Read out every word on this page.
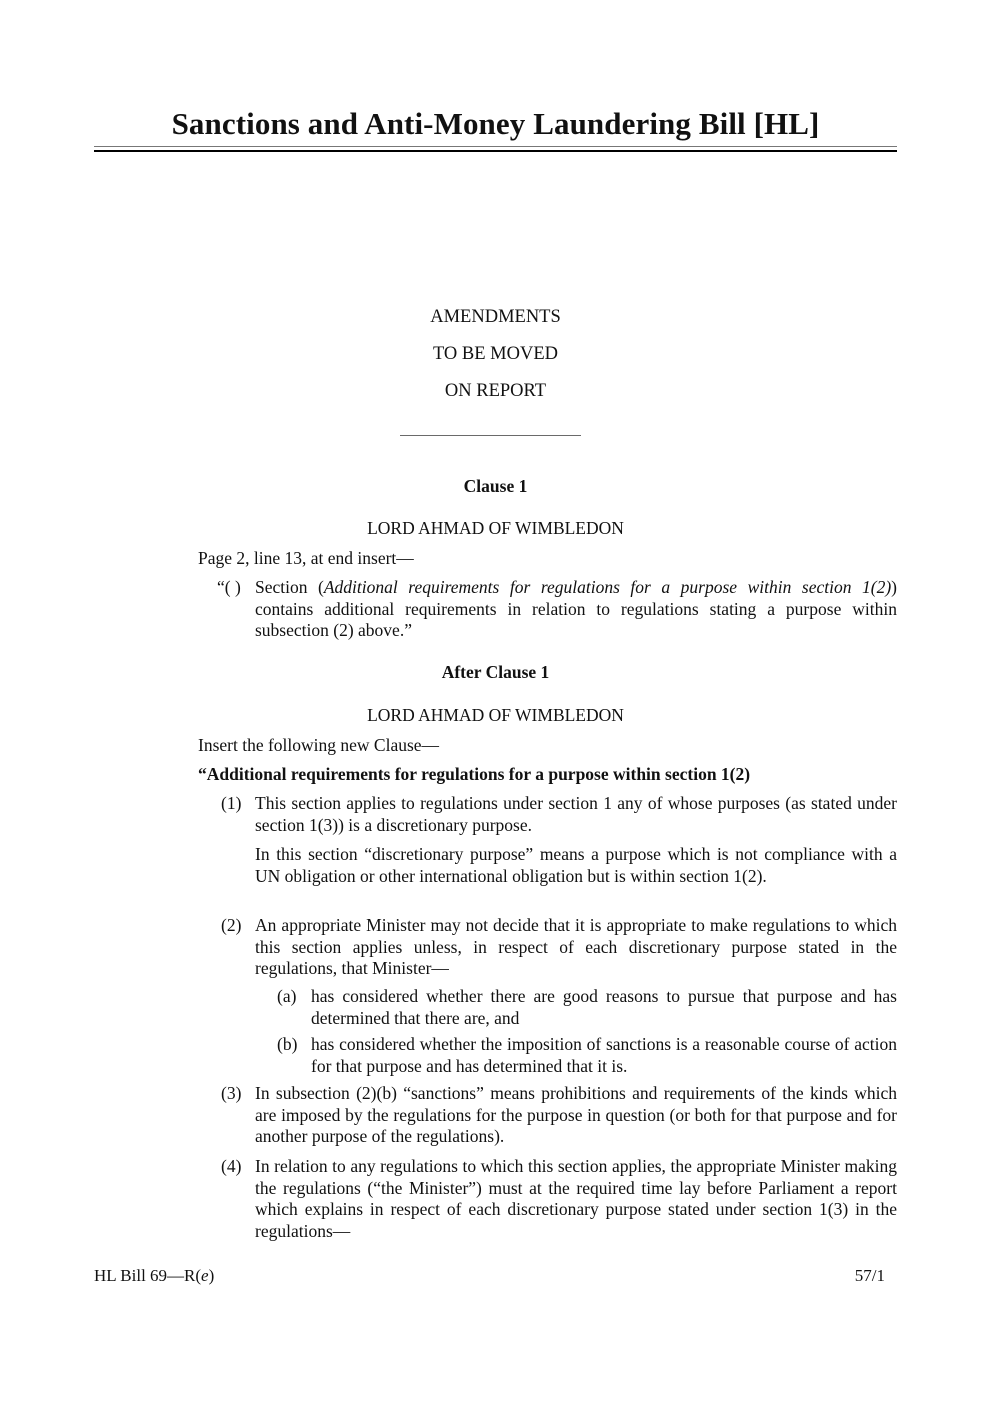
Sanctions and Anti-Money Laundering Bill [HL]
AMENDMENTS
TO BE MOVED
ON REPORT
Clause 1
LORD AHMAD OF WIMBLEDON
Page 2, line 13, at end insert—
“( ) Section (Additional requirements for regulations for a purpose within section 1(2)) contains additional requirements in relation to regulations stating a purpose within subsection (2) above.”

After Clause 1
LORD AHMAD OF WIMBLEDON
Insert the following new Clause—
“Additional requirements for regulations for a purpose within section 1(2)
(1) This section applies to regulations under section 1 any of whose purposes (as stated under section 1(3)) is a discretionary purpose.

In this section “discretionary purpose” means a purpose which is not compliance with a UN obligation or other international obligation but is within section 1(2).

(2) An appropriate Minister may not decide that it is appropriate to make regulations to which this section applies unless, in respect of each discretionary purpose stated in the regulations, that Minister—

(a) has considered whether there are good reasons to pursue that purpose and has determined that there are, and

(b) has considered whether the imposition of sanctions is a reasonable course of action for that purpose and has determined that it is.

(3) In subsection (2)(b) “sanctions” means prohibitions and requirements of the kinds which are imposed by the regulations for the purpose in question (or both for that purpose and for another purpose of the regulations).

(4) In relation to any regulations to which this section applies, the appropriate Minister making the regulations (“the Minister”) must at the required time lay before Parliament a report which explains in respect of each discretionary purpose stated under section 1(3) in the regulations—

HL Bill 69—R(e)	57/1
